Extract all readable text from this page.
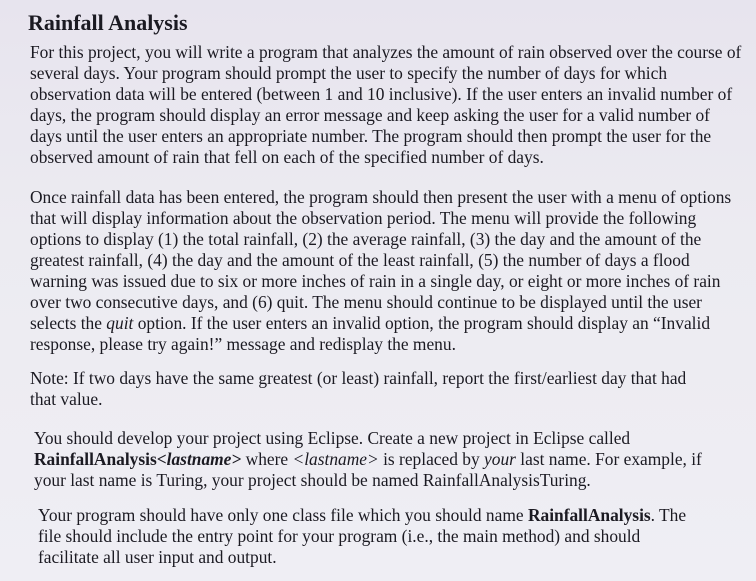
Rainfall Analysis

For this project, you will write a program that analyzes the amount of rain observed over the course of several days. Your program should prompt the user to specify the number of days for which observation data will be entered (between 1 and 10 inclusive). If the user enters an invalid number of days, the program should display an error message and keep asking the user for a valid number of days until the user enters an appropriate number. The program should then prompt the user for the observed amount of rain that fell on each of the specified number of days.

Once rainfall data has been entered, the program should then present the user with a menu of options that will display information about the observation period. The menu will provide the following options to display (1) the total rainfall, (2) the average rainfall, (3) the day and the amount of the greatest rainfall, (4) the day and the amount of the least rainfall, (5) the number of days a flood warning was issued due to six or more inches of rain in a single day, or eight or more inches of rain over two consecutive days, and (6) quit. The menu should continue to be displayed until the user selects the quit option. If the user enters an invalid option, the program should display an “Invalid response, please try again!” message and redisplay the menu.

Note: If two days have the same greatest (or least) rainfall, report the first/earliest day that had that value.

You should develop your project using Eclipse. Create a new project in Eclipse called RainfallAnalysis<lastname> where <lastname> is replaced by your last name. For example, if your last name is Turing, your project should be named RainfallAnalysisTuring.

Your program should have only one class file which you should name RainfallAnalysis. The file should include the entry point for your program (i.e., the main method) and should facilitate all user input and output.
